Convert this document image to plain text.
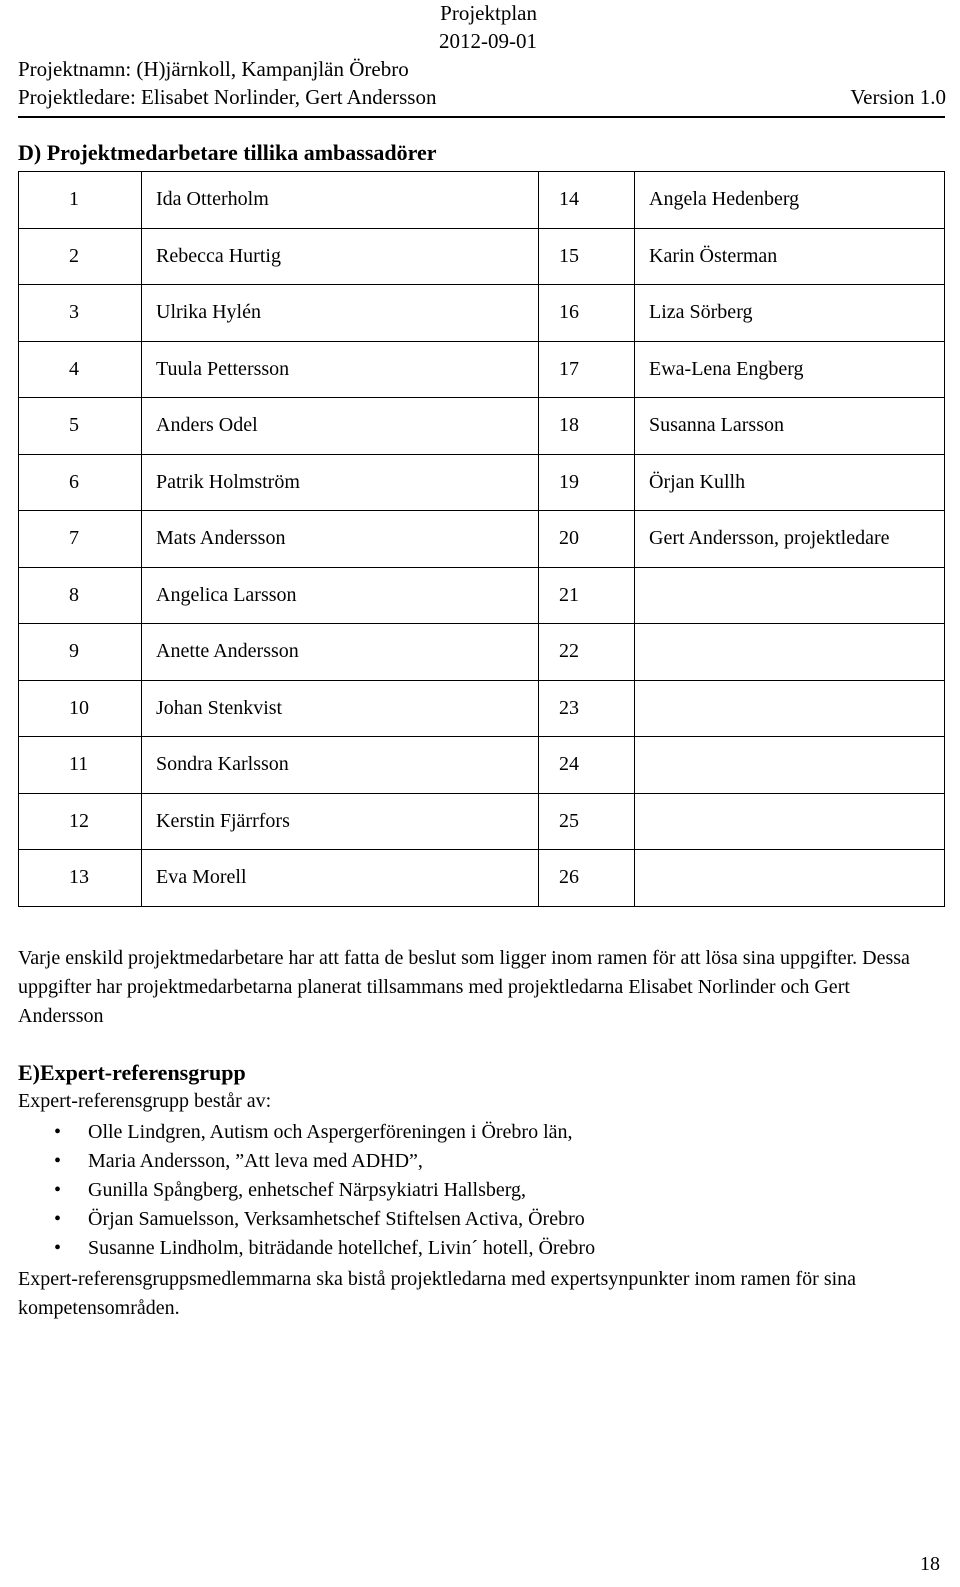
Projektplan
2012-09-01
Projektnamn: (H)järnkoll, Kampanjlän Örebro
Projektledare: Elisabet Norlinder, Gert Andersson	Version 1.0
D) Projektmedarbetare tillika ambassadörer
1	Ida Otterholm	14	Angela Hedenberg
2	Rebecca Hurtig	15	Karin Österman
3	Ulrika Hylén	16	Liza Sörberg
4	Tuula Pettersson	17	Ewa-Lena Engberg
5	Anders Odel	18	Susanna Larsson
6	Patrik Holmström	19	Örjan Kullh
7	Mats Andersson	20	Gert Andersson, projektledare
8	Angelica Larsson	21	
9	Anette Andersson	22	
10	Johan Stenkvist	23	
11	Sondra Karlsson	24	
12	Kerstin Fjärrfors	25	
13	Eva Morell	26	
Varje enskild projektmedarbetare har att fatta de beslut som ligger inom ramen för att lösa sina uppgifter. Dessa uppgifter har projektmedarbetarna planerat tillsammans med projektledarna Elisabet Norlinder och Gert Andersson
E)Expert-referensgrupp
Expert-referensgrupp består av:
• Olle Lindgren, Autism och Aspergerföreningen i Örebro län,
• Maria Andersson, ”Att leva med ADHD”,
• Gunilla Spångberg, enhetschef Närpsykiatri Hallsberg,
• Örjan Samuelsson, Verksamhetschef Stiftelsen Activa, Örebro
• Susanne Lindholm, biträdande hotellchef, Livin´ hotell, Örebro
Expert-referensgruppsmedlemmarna ska bistå projektledarna med expertsynpunkter inom ramen för sina kompetensområden.
18
